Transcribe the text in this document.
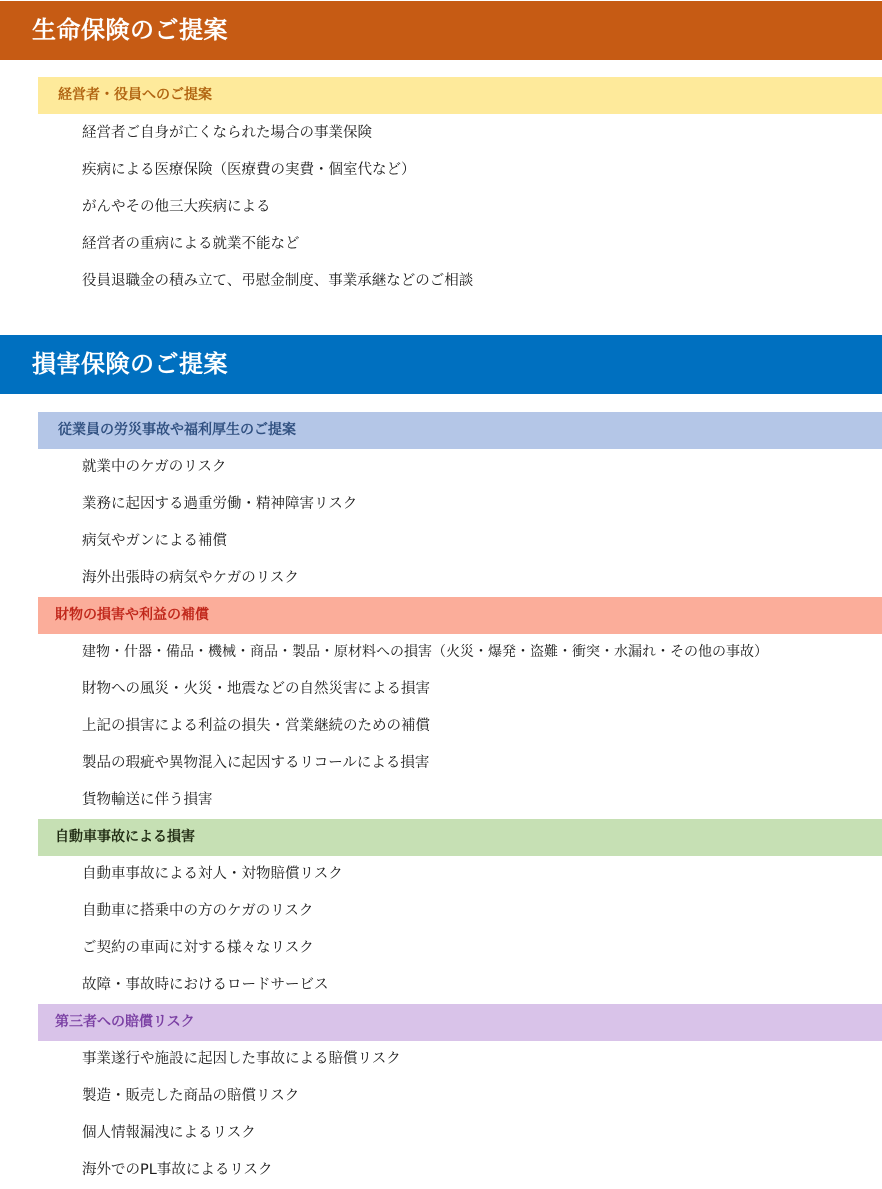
生命保険のご提案
経営者・役員へのご提案
経営者ご自身が亡くなられた場合の事業保険
疾病による医療保険（医療費の実費・個室代など）
がんやその他三大疾病による
経営者の重病による就業不能など
役員退職金の積み立て、弔慰金制度、事業承継などのご相談
損害保険のご提案
従業員の労災事故や福利厚生のご提案
就業中のケガのリスク
業務に起因する過重労働・精神障害リスク
病気やガンによる補償
海外出張時の病気やケガのリスク
財物の損害や利益の補償
建物・什器・備品・機械・商品・製品・原材料への損害（火災・爆発・盗難・衝突・水漏れ・その他の事故）
財物への風災・火災・地震などの自然災害による損害
上記の損害による利益の損失・営業継続のための補償
製品の瑕疵や異物混入に起因するリコールによる損害
貨物輸送に伴う損害
自動車事故による損害
自動車事故による対人・対物賠償リスク
自動車に搭乗中の方のケガのリスク
ご契約の車両に対する様々なリスク
故障・事故時におけるロードサービス
第三者への賠償リスク
事業遂行や施設に起因した事故による賠償リスク
製造・販売した商品の賠償リスク
個人情報漏洩によるリスク
海外でのPL事故によるリスク
